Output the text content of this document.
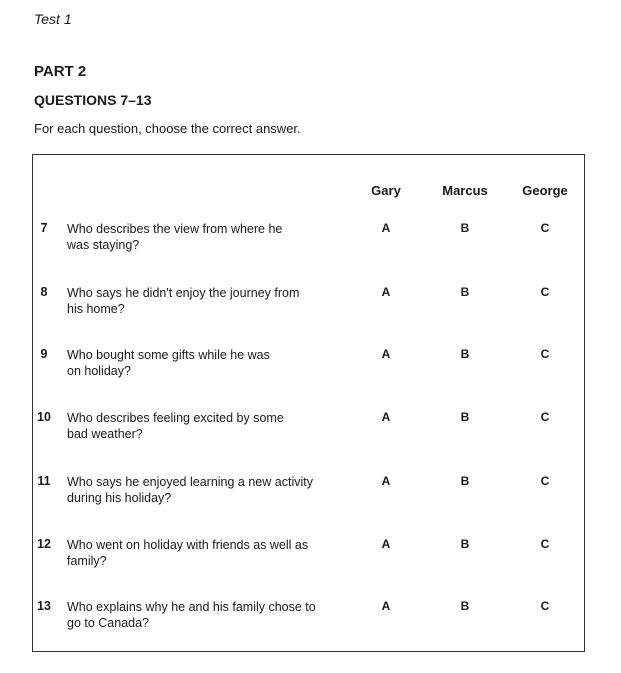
Test 1
PART 2
QUESTIONS 7–13
For each question, choose the correct answer.
Gary	Marcus	George
7	Who describes the view from where he
was staying?
A	B	C
8	Who says he didn't enjoy the journey from
his home?
A	B	C
9	Who bought some gifts while he was
on holiday?
A	B	C
10	Who describes feeling excited by some
bad weather?
A	B	C
11	Who says he enjoyed learning a new activity
during his holiday?
A	B	C
12	Who went on holiday with friends as well as
family?
A	B	C
13	Who explains why he and his family chose to
go to Canada?
A	B	C
